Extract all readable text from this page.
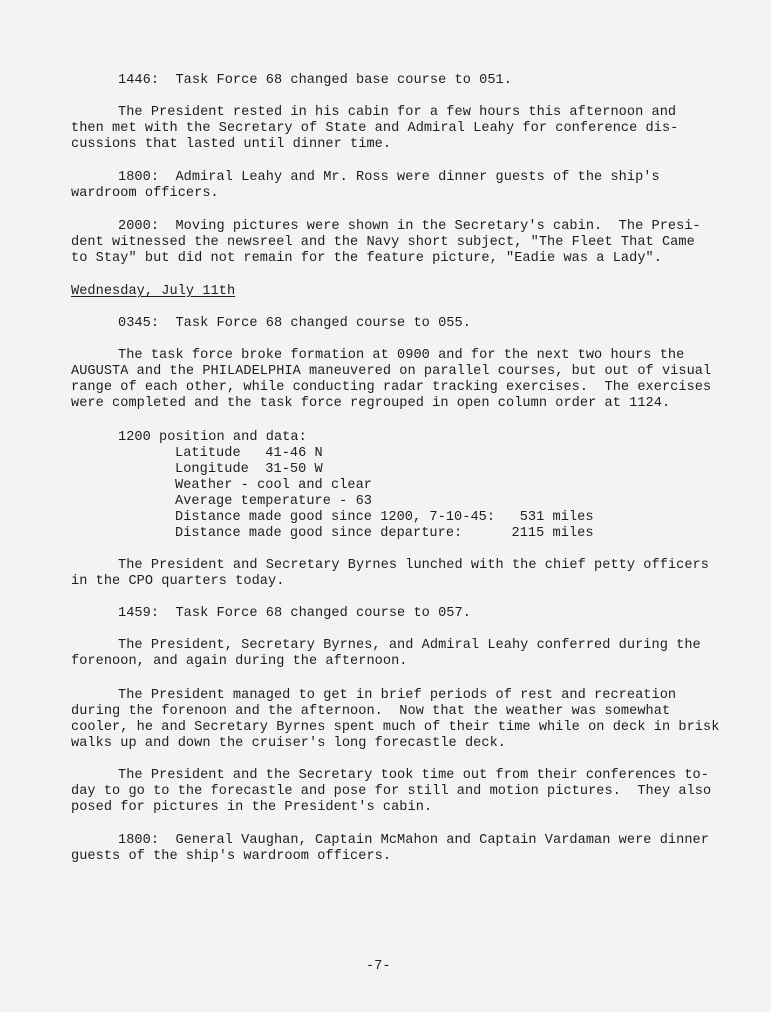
1446:  Task Force 68 changed base course to 051.
The President rested in his cabin for a few hours this afternoon and
then met with the Secretary of State and Admiral Leahy for conference dis-
cussions that lasted until dinner time.
1800:  Admiral Leahy and Mr. Ross were dinner guests of the ship's
wardroom officers.
2000:  Moving pictures were shown in the Secretary's cabin.  The Presi-
dent witnessed the newsreel and the Navy short subject, "The Fleet That Came
to Stay" but did not remain for the feature picture, "Eadie was a Lady".
Wednesday, July 11th
0345:  Task Force 68 changed course to 055.
The task force broke formation at 0900 and for the next two hours the
AUGUSTA and the PHILADELPHIA maneuvered on parallel courses, but out of visual
range of each other, while conducting radar tracking exercises.  The exercises
were completed and the task force regrouped in open column order at 1124.
1200 position and data:
Latitude   41-46 N
Longitude  31-50 W
Weather - cool and clear
Average temperature - 63
Distance made good since 1200, 7-10-45:   531 miles
Distance made good since departure:      2115 miles
The President and Secretary Byrnes lunched with the chief petty officers
in the CPO quarters today.
1459:  Task Force 68 changed course to 057.
The President, Secretary Byrnes, and Admiral Leahy conferred during the
forenoon, and again during the afternoon.
The President managed to get in brief periods of rest and recreation
during the forenoon and the afternoon.  Now that the weather was somewhat
cooler, he and Secretary Byrnes spent much of their time while on deck in brisk
walks up and down the cruiser's long forecastle deck.
The President and the Secretary took time out from their conferences to-
day to go to the forecastle and pose for still and motion pictures.  They also
posed for pictures in the President's cabin.
1800:  General Vaughan, Captain McMahon and Captain Vardaman were dinner
guests of the ship's wardroom officers.
-7-
